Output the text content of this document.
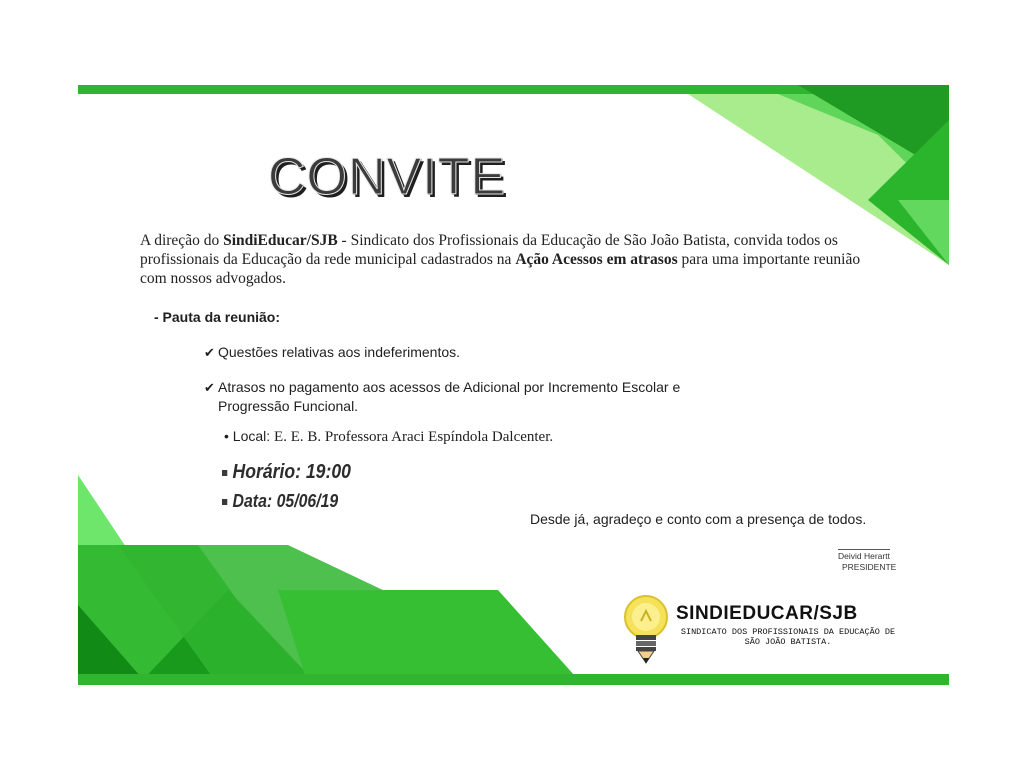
CONVITE
A direção do SindiEducar/SJB - Sindicato dos Profissionais da Educação de São João Batista, convida todos os profissionais da Educação da rede municipal cadastrados na Ação Acessos em atrasos para uma importante reunião com nossos advogados.
- Pauta da reunião:
✔ Questões relativas aos indeferimentos.
✔ Atrasos no pagamento aos acessos de Adicional por Incremento Escolar e
Progressão Funcional.
• Local: E. E. B. Professora Araci Espíndola Dalcenter.
Horário: 19:00
Data: 05/06/19
Desde já, agradeço e conto com a presença de todos.
Deivid Herartt
PRESIDENTE
SINDIEDUCAR/SJB
SINDICATO DOS PROFISSIONAIS DA EDUCAÇÃO DE SÃO JOÃO BATISTA.
